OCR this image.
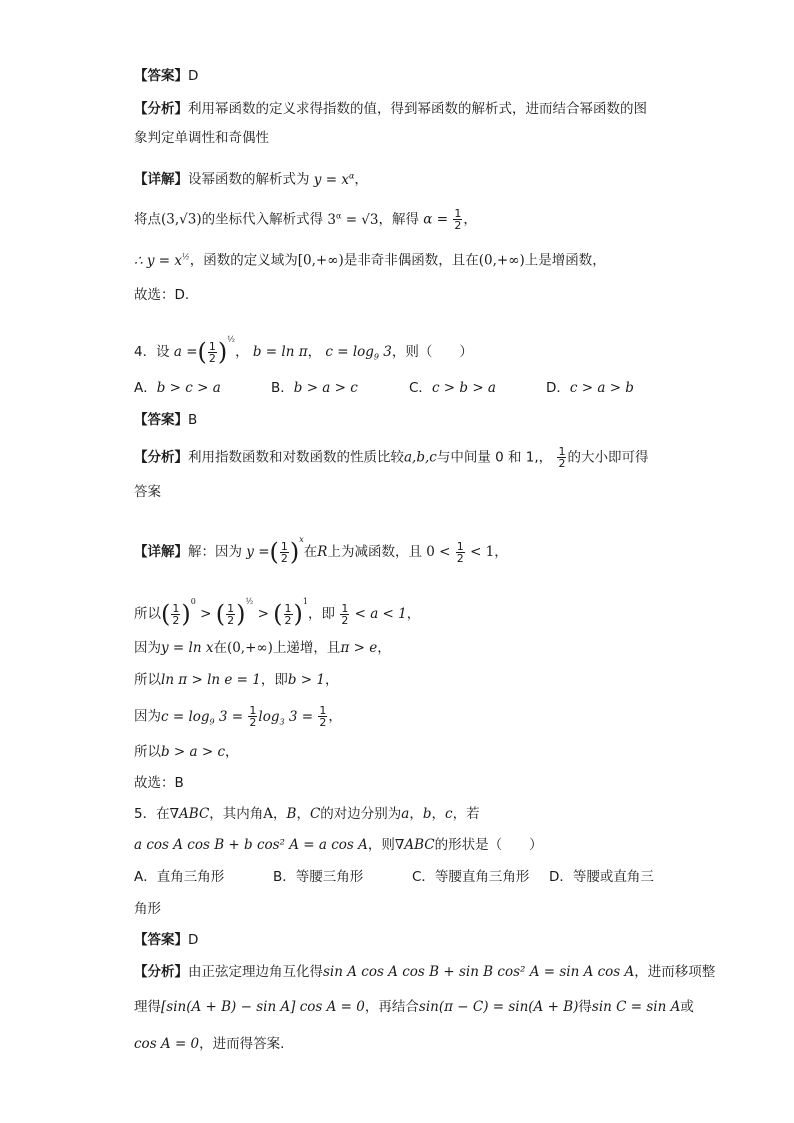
【答案】D
【分析】利用幂函数的定义求得指数的值，得到幂函数的解析式，进而结合幂函数的图
象判定单调性和奇偶性
【详解】设幂函数的解析式为 $y = x^\alpha$，
将点(3,√3)的坐标代入解析式得 $3^\alpha = √3$，解得 $\alpha = \frac{1}{2}$ ，
∴ $y = x^{\frac{1}{2}}$，函数的定义域为[0,+∞)是非奇非偶函数，且在(0,+∞)上是增函数，
故选：D.
4．设 a =( $\frac{1}{2} )^{\frac{1}{2}}$， b = ln π， $c = \log_9 3$，则（　　）
A．b > c > a	B．b > a > c	C．c > b > a	D．c > a > b
【答案】B
【分析】利用指数函数和对数函数的性质比较a,b,c与中间量 0 和 1,， $\frac{1}{2}$ 的大小即可得
答案
【详解】解：因为 y =( $\frac{1}{2} )^x$在R上为减函数，且 $0 < \frac{1}{2} < 1$，
所以( $\frac{1}{2} )^0$ > ( $\frac{1}{2} )^{\frac{1}{2}}$ > ( $\frac{1}{2} )^1$，即 $\frac{1}{2} < a < 1$，
因为y = ln x在(0,+∞)上递增，且π > e，
所以ln π > ln e = 1，即b > 1，
因为$c = \log_9 3 = \frac{1}{2} \log_3 3 = \frac{1}{2}$ ，
所以b > a > c，
故选：B
5．在∇ABC，其内角A，B，C的对边分别为a，b，c，若
a cos A cos B + b cos² A = a cos A，则∇ABC的形状是（　　）
A．直角三角形	B．等腰三角形	C．等腰直角三角形 D．等腰或直角三
角形
【答案】D
【分析】由正弦定理边角互化得sin A cos A cos B + sin B cos² A = sin A cos A，进而移项整
理得[sin(A + B) − sin A] cos A = 0，再结合sin(π − C) = sin(A + B)得sin C = sin A或
cos A = 0，进而得答案.
